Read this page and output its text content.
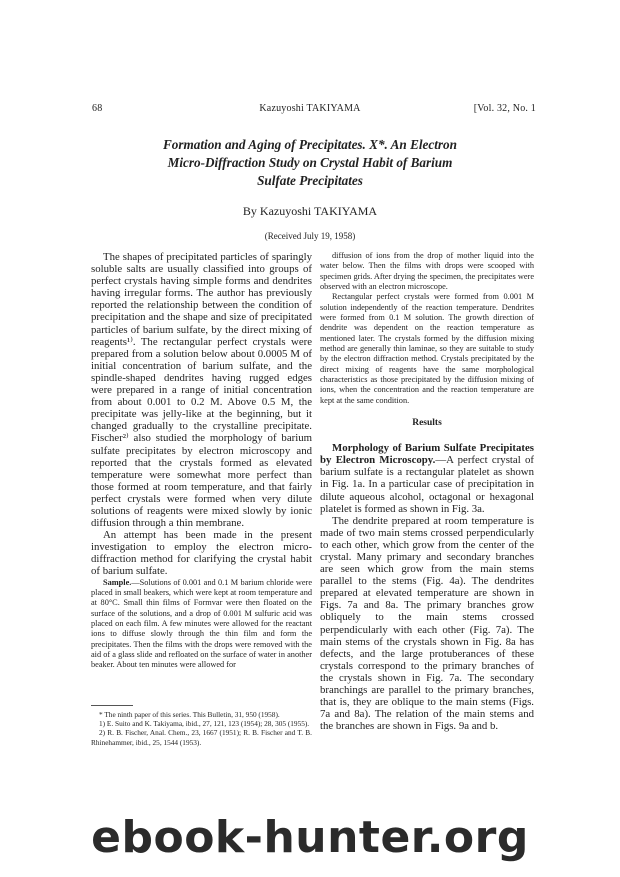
68	Kazuyoshi TAKIYAMA	[Vol. 32, No. 1
Formation and Aging of Precipitates. X*. An Electron
Micro-Diffraction Study on Crystal Habit of Barium
Sulfate Precipitates
By Kazuyoshi TAKIYAMA
(Received July 19, 1958)

The shapes of precipitated particles of sparingly soluble salts are usually classified into groups of perfect crystals having simple forms and dendrites having irregular forms. The author has previously reported the relationship between the condition of precipitation and the shape and size of precipitated particles of barium sulfate, by the direct mixing of reagents¹⁾. The rectangular perfect crystals were prepared from a solution below about 0.0005 M of initial concentration of barium sulfate, and the spindle-shaped dendrites having rugged edges were prepared in a range of initial concentration from about 0.001 to 0.2 M. Above 0.5 M, the precipitate was jelly-like at the beginning, but it changed gradually to the crystalline precipitate. Fischer²⁾ also studied the morphology of barium sulfate precipitates by electron microscopy and reported that the crystals formed as elevated temperature were somewhat more perfect than those formed at room temperature, and that fairly perfect crystals were formed when very dilute solutions of reagents were mixed slowly by ionic diffusion through a thin membrane.

An attempt has been made in the present investigation to employ the electron micro-diffraction method for clarifying the crystal habit of barium sulfate.

Sample.—Solutions of 0.001 and 0.1 M barium chloride were placed in small beakers, which were kept at room temperature and at 80°C. Small thin films of Formvar were then floated on the surface of the solutions, and a drop of 0.001 M sulfuric acid was placed on each film. A few minutes were allowed for the reactant ions to diffuse slowly through the thin film and form the precipitates. Then the films with the drops were removed with the aid of a glass slide and refloated on the surface of water in another beaker. About ten minutes were allowed for

* The ninth paper of this series. This Bulletin, 31, 950 (1958).

1) E. Suito and K. Takiyama, ibid., 27, 121, 123 (1954); 28, 305 (1955).

2) R. B. Fischer, Anal. Chem., 23, 1667 (1951); R. B. Fischer and T. B. Rhinehammer, ibid., 25, 1544 (1953).

diffusion of ions from the drop of mother liquid into the water below. Then the films with drops were scooped with specimen grids. After drying the specimen, the precipitates were observed with an electron microscope.

Rectangular perfect crystals were formed from 0.001 M solution independently of the reaction temperature. Dendrites were formed from 0.1 M solution. The growth direction of dendrite was dependent on the reaction temperature as mentioned later. The crystals formed by the diffusion mixing method are generally thin laminae, so they are suitable to study by the electron diffraction method. Crystals precipitated by the direct mixing of reagents have the same morphological characteristics as those precipitated by the diffusion mixing of ions, when the concentration and the reaction temperature are kept at the same condition.

Results

Morphology of Barium Sulfate Precipitates by Electron Microscopy.—A perfect crystal of barium sulfate is a rectangular platelet as shown in Fig. 1a. In a particular case of precipitation in dilute aqueous alcohol, octagonal or hexagonal platelet is formed as shown in Fig. 3a.

The dendrite prepared at room temperature is made of two main stems crossed perpendicularly to each other, which grow from the center of the crystal. Many primary and secondary branches are seen which grow from the main stems parallel to the stems (Fig. 4a). The dendrites prepared at elevated temperature are shown in Figs. 7a and 8a. The primary branches grow obliquely to the main stems crossed perpendicularly with each other (Fig. 7a). The main stems of the crystals shown in Fig. 8a has defects, and the large protuberances of these crystals correspond to the primary branches of the crystals shown in Fig. 7a. The secondary branchings are parallel to the primary branches, that is, they are oblique to the main stems (Figs. 7a and 8a). The relation of the main stems and the branches are shown in Figs. 9a and b.

ebook-hunter.org
